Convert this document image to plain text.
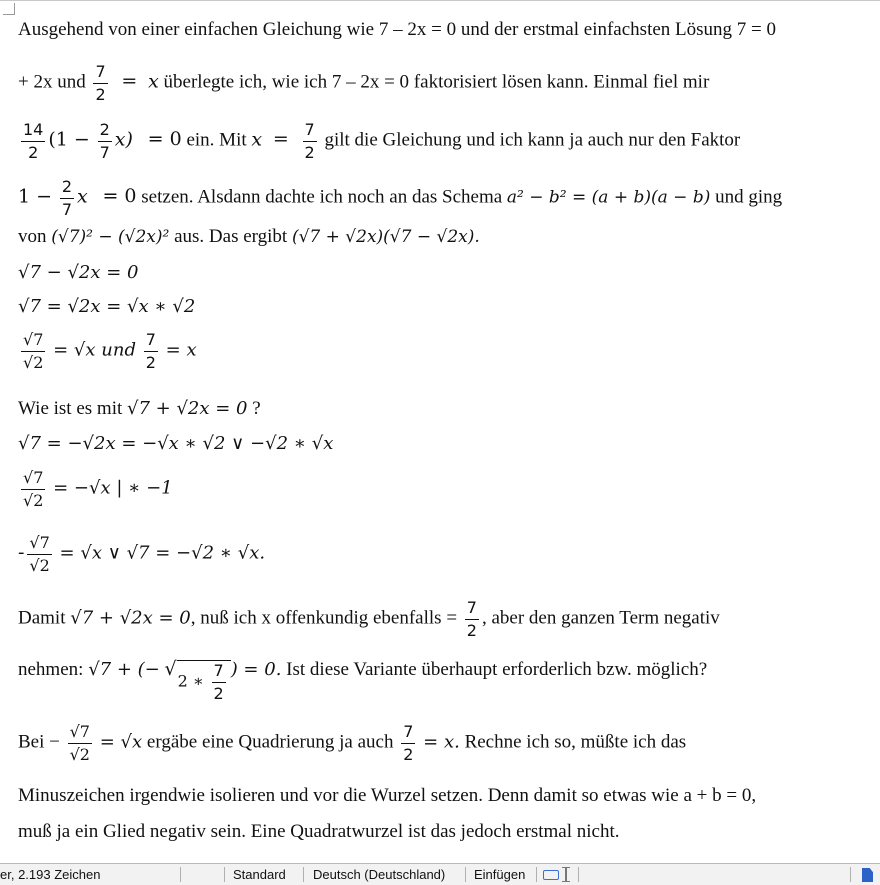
Ausgehend von einer einfachen Gleichung wie 7 – 2x = 0 und der erstmal einfachsten Lösung 7 = 0
+ 2x und $\frac{7}{2} = x$ überlegte ich, wie ich 7 – 2x = 0 faktorisiert lösen kann. Einmal fiel mir
$\frac{14}{2} (1 - \frac{2}{7} x) = 0$ ein. Mit $x = \frac{7}{2}$ gilt die Gleichung und ich kann ja auch nur den Faktor
$1 - \frac{2}{7}$ x = 0 setzen. Alsdann dachte ich noch an das Schema a² − b² = (a + b)(a − b) und ging
von (√7)² − (√2x)² aus. Das ergibt (√7 + √2x)(√7 − √2x).
√7 − √2x = 0
√7 = √2x = √x ∗ √2
$\frac{√7}{√2} = √x$ und $\frac{7}{2} = x$
Wie ist es mit √7 + √2x = 0 ?
√7 = −√2x = −√x ∗ √2 ∨ −√2 ∗ √x
$\frac{√7}{√2} = -√x$ | ∗ −1
- $\frac{√7}{√2} = √x$ ∨ √7 = −√2 ∗ √x.
Damit √7 + √2x = 0, nuß ich x offenkundig ebenfalls = $\frac{7}{2}$ , aber den ganzen Term negativ
nehmen: √7 + (− √
2 ∗ $\frac{7}{2}$ ) = 0. Ist diese Variante überhaupt erforderlich bzw. möglich?
Bei − $\frac{√7}{√2} = √x$ ergäbe eine Quadrierung ja auch $\frac{7}{2} = x$. Rechne ich so, müßte ich das
Minuszeichen irgendwie isolieren und vor die Wurzel setzen. Denn damit so etwas wie a + b = 0,
muß ja ein Glied negativ sein. Eine Quadratwurzel ist das jedoch erstmal nicht.
er, 2.193 Zeichen	Standard	Deutsch (Deutschland)	Einfügen
